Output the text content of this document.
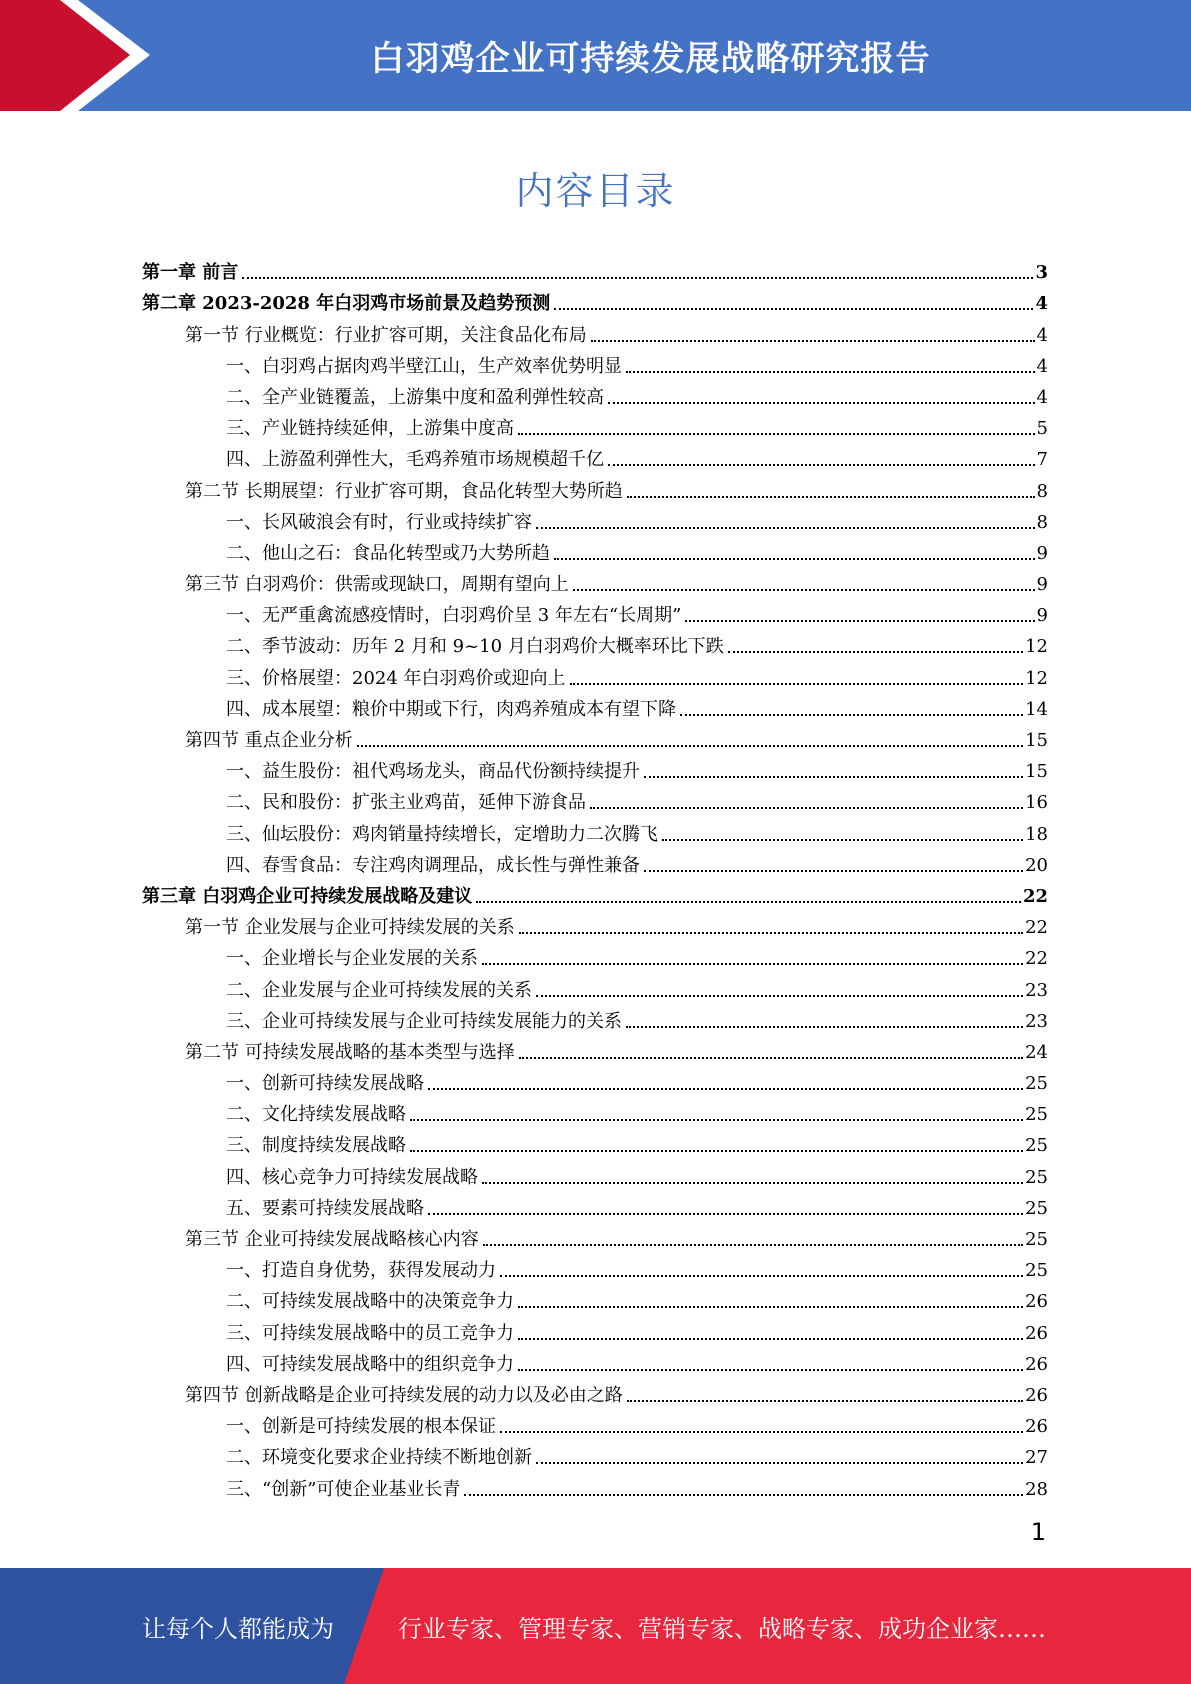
白羽鸡企业可持续发展战略研究报告
内容目录
第一章 前言	3
第二章 2023-2028 年白羽鸡市场前景及趋势预测	4
第一节 行业概览：行业扩容可期，关注食品化布局	4
一、白羽鸡占据肉鸡半壁江山，生产效率优势明显	4
二、全产业链覆盖，上游集中度和盈利弹性较高	4
三、产业链持续延伸，上游集中度高	5
四、上游盈利弹性大，毛鸡养殖市场规模超千亿	7
第二节 长期展望：行业扩容可期，食品化转型大势所趋	8
一、长风破浪会有时，行业或持续扩容	8
二、他山之石：食品化转型或乃大势所趋	9
第三节 白羽鸡价：供需或现缺口，周期有望向上	9
一、无严重禽流感疫情时，白羽鸡价呈 3 年左右“长周期”	9
二、季节波动：历年 2 月和 9~10 月白羽鸡价大概率环比下跌	12
三、价格展望：2024 年白羽鸡价或迎向上	12
四、成本展望：粮价中期或下行，肉鸡养殖成本有望下降	14
第四节 重点企业分析	15
一、益生股份：祖代鸡场龙头，商品代份额持续提升	15
二、民和股份：扩张主业鸡苗，延伸下游食品	16
三、仙坛股份：鸡肉销量持续增长，定增助力二次腾飞	18
四、春雪食品：专注鸡肉调理品，成长性与弹性兼备	20
第三章 白羽鸡企业可持续发展战略及建议	22
第一节 企业发展与企业可持续发展的关系	22
一、企业增长与企业发展的关系	22
二、企业发展与企业可持续发展的关系	23
三、企业可持续发展与企业可持续发展能力的关系	23
第二节 可持续发展战略的基本类型与选择	24
一、创新可持续发展战略	25
二、文化持续发展战略	25
三、制度持续发展战略	25
四、核心竞争力可持续发展战略	25
五、要素可持续发展战略	25
第三节 企业可持续发展战略核心内容	25
一、打造自身优势，获得发展动力	25
二、可持续发展战略中的决策竞争力	26
三、可持续发展战略中的员工竞争力	26
四、可持续发展战略中的组织竞争力	26
第四节 创新战略是企业可持续发展的动力以及必由之路	26
一、创新是可持续发展的根本保证	26
二、环境变化要求企业持续不断地创新	27
三、“创新”可使企业基业长青	28
1
让每个人都能成为	行业专家、管理专家、营销专家、战略专家、成功企业家……
